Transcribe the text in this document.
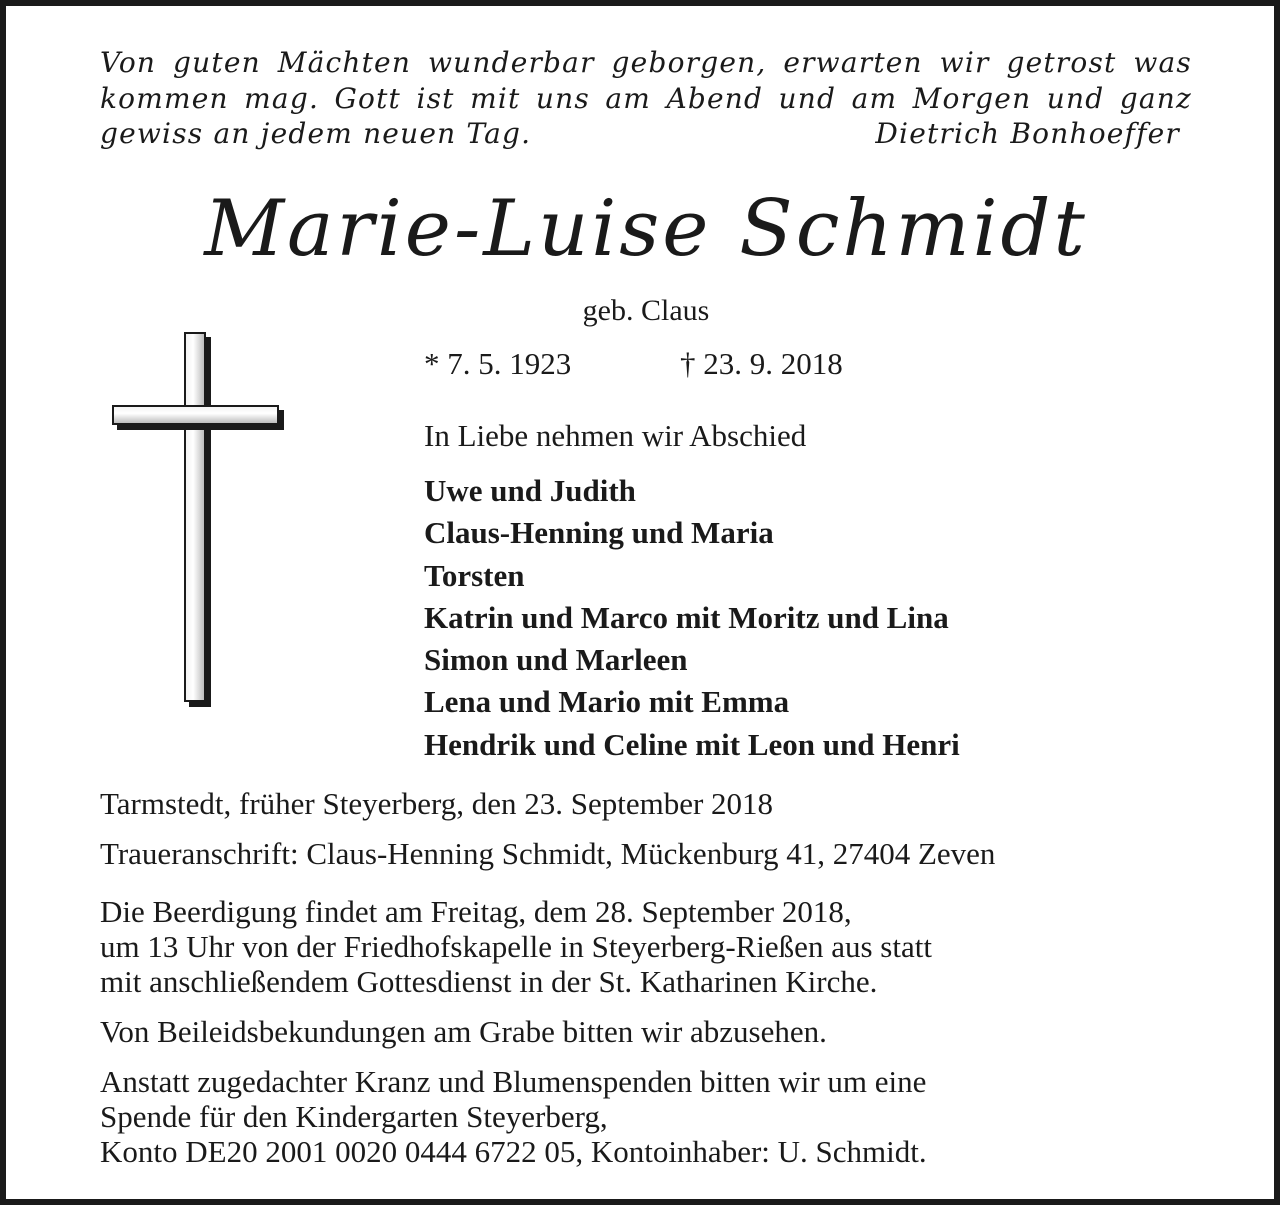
Von guten Mächten wunderbar geborgen, erwarten wir getrost was
kommen mag. Gott ist mit uns am Abend und am Morgen und ganz
gewiss an jedem neuen Tag.	Dietrich Bonhoeffer
Marie-Luise Schmidt
geb. Claus
* 7. 5. 1923	† 23. 9. 2018
In Liebe nehmen wir Abschied
Uwe und Judith
Claus-Henning und Maria
Torsten
Katrin und Marco mit Moritz und Lina
Simon und Marleen
Lena und Mario mit Emma
Hendrik und Celine mit Leon und Henri
Tarmstedt, früher Steyerberg, den 23. September 2018
Traueranschrift: Claus-Henning Schmidt, Mückenburg 41, 27404 Zeven
Die Beerdigung findet am Freitag, dem 28. September 2018,
um 13 Uhr von der Friedhofskapelle in Steyerberg-Rießen aus statt
mit anschließendem Gottesdienst in der St. Katharinen Kirche.
Von Beileidsbekundungen am Grabe bitten wir abzusehen.
Anstatt zugedachter Kranz und Blumenspenden bitten wir um eine
Spende für den Kindergarten Steyerberg,
Konto DE20 2001 0020 0444 6722 05, Kontoinhaber: U. Schmidt.
